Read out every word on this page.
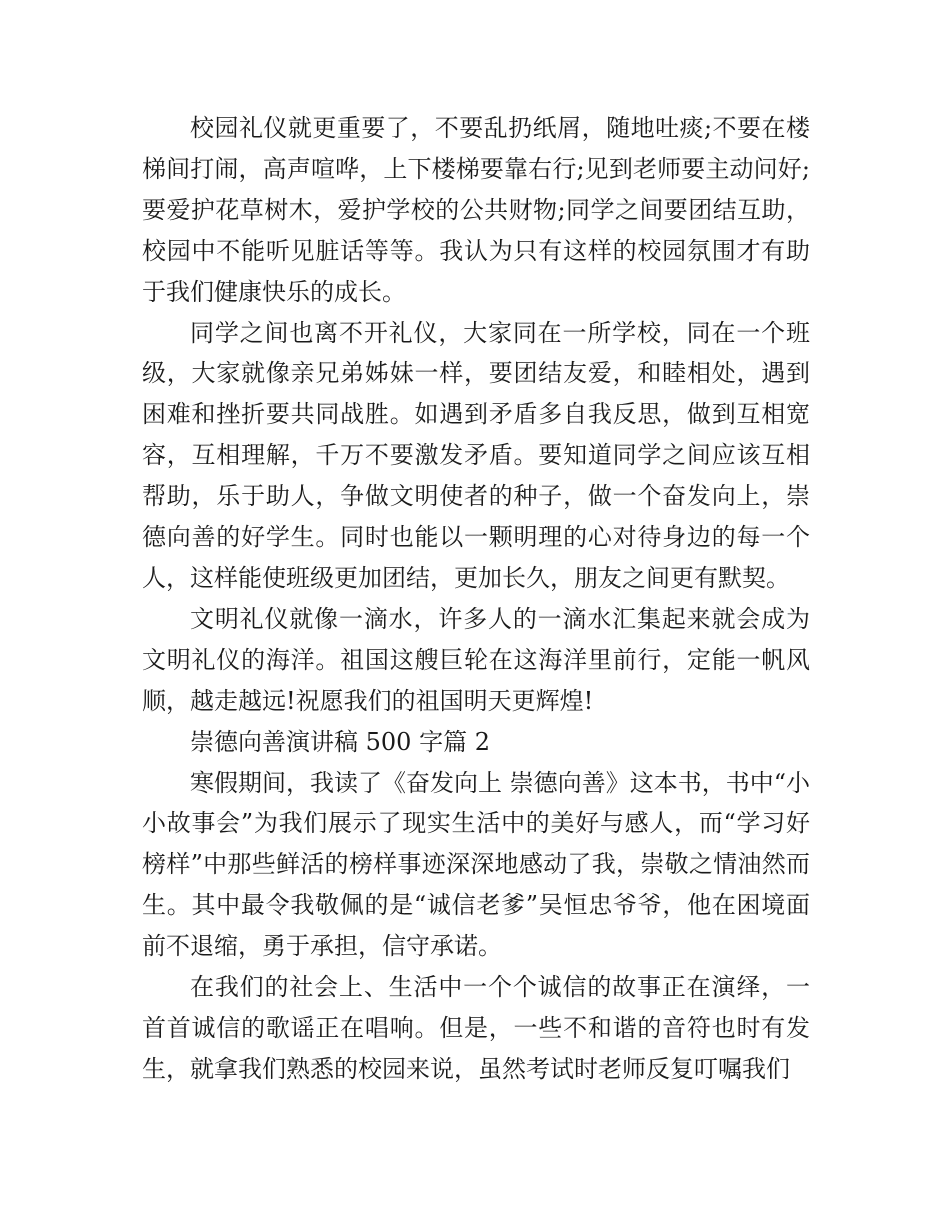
校园礼仪就更重要了，不要乱扔纸屑，随地吐痰;不要在楼梯间打闹，高声喧哗，上下楼梯要靠右行;见到老师要主动问好;要爱护花草树木，爱护学校的公共财物;同学之间要团结互助，校园中不能听见脏话等等。我认为只有这样的校园氛围才有助于我们健康快乐的成长。

同学之间也离不开礼仪，大家同在一所学校，同在一个班级，大家就像亲兄弟姊妹一样，要团结友爱，和睦相处，遇到困难和挫折要共同战胜。如遇到矛盾多自我反思，做到互相宽容，互相理解，千万不要激发矛盾。要知道同学之间应该互相帮助，乐于助人，争做文明使者的种子，做一个奋发向上，崇德向善的好学生。同时也能以一颗明理的心对待身边的每一个人，这样能使班级更加团结，更加长久，朋友之间更有默契。

文明礼仪就像一滴水，许多人的一滴水汇集起来就会成为文明礼仪的海洋。祖国这艘巨轮在这海洋里前行，定能一帆风顺，越走越远!祝愿我们的祖国明天更辉煌!

崇德向善演讲稿 500 字篇 2

寒假期间，我读了《奋发向上 崇德向善》这本书，书中“小小故事会”为我们展示了现实生活中的美好与感人，而“学习好榜样”中那些鲜活的榜样事迹深深地感动了我，崇敬之情油然而生。其中最令我敬佩的是“诚信老爹”吴恒忠爷爷，他在困境面前不退缩，勇于承担，信守承诺。

在我们的社会上、生活中一个个诚信的故事正在演绎，一首首诚信的歌谣正在唱响。但是，一些不和谐的音符也时有发生，就拿我们熟悉的校园来说，虽然考试时老师反复叮嘱我们
